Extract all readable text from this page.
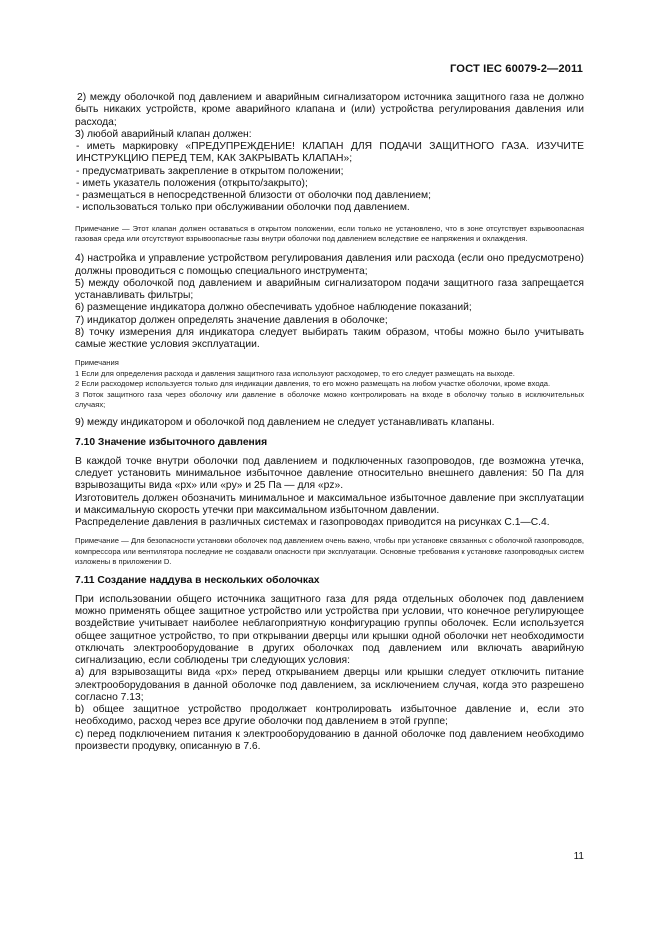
ГОСТ IEC 60079-2—2011

2) между оболочкой под давлением и аварийным сигнализатором источника защитного газа не должно быть никаких устройств, кроме аварийного клапана и (или) устройства регулирования давления или расхода;

3) любой аварийный клапан должен:

- иметь маркировку «ПРЕДУПРЕЖДЕНИЕ! КЛАПАН ДЛЯ ПОДАЧИ ЗАЩИТНОГО ГАЗА. ИЗУЧИТЕ ИНСТРУКЦИЮ ПЕРЕД ТЕМ, КАК ЗАКРЫВАТЬ КЛАПАН»;

- предусматривать закрепление в открытом положении;

- иметь указатель положения (открыто/закрыто);

- размещаться в непосредственной близости от оболочки под давлением;

- использоваться только при обслуживании оболочки под давлением.

Примечание — Этот клапан должен оставаться в открытом положении, если только не установлено, что в зоне отсутствует взрывоопасная газовая среда или отсутствуют взрывоопасные газы внутри оболочки под давлением вследствие ее напряжения и охлаждения.

4) настройка и управление устройством регулирования давления или расхода (если оно предусмотрено) должны проводиться с помощью специального инструмента;

5) между оболочкой под давлением и аварийным сигнализатором подачи защитного газа запрещается устанавливать фильтры;

6) размещение индикатора должно обеспечивать удобное наблюдение показаний;

7) индикатор должен определять значение давления в оболочке;

8) точку измерения для индикатора следует выбирать таким образом, чтобы можно было учитывать самые жесткие условия эксплуатации.

Примечания

1 Если для определения расхода и давления защитного газа используют расходомер, то его следует размещать на выходе.

2 Если расходомер используется только для индикации давления, то его можно размещать на любом участке оболочки, кроме входа.

3 Поток защитного газа через оболочку или давление в оболочке можно контролировать на входе в оболочку только в исключительных случаях;

9) между индикатором и оболочкой под давлением не следует устанавливать клапаны.

7.10 Значение избыточного давления

В каждой точке внутри оболочки под давлением и подключенных газопроводов, где возможна утечка, следует установить минимальное избыточное давление относительно внешнего давления: 50 Па для взрывозащиты вида «px» или «py» и 25 Па — для «pz».

Изготовитель должен обозначить минимальное и максимальное избыточное давление при эксплуатации и максимальную скорость утечки при максимальном избыточном давлении.

Распределение давления в различных системах и газопроводах приводится на рисунках C.1—C.4.

Примечание — Для безопасности установки оболочек под давлением очень важно, чтобы при установке связанных с оболочкой газопроводов, компрессора или вентилятора последние не создавали опасности при эксплуатации. Основные требования к установке газопроводных систем изложены в приложении D.

7.11 Создание наддува в нескольких оболочках

При использовании общего источника защитного газа для ряда отдельных оболочек под давлением можно применять общее защитное устройство или устройства при условии, что конечное регулирующее воздействие учитывает наиболее неблагоприятную конфигурацию группы оболочек. Если используется общее защитное устройство, то при открывании дверцы или крышки одной оболочки нет необходимости отключать электрооборудование в других оболочках под давлением или включать аварийную сигнализацию, если соблюдены три следующих условия:

a) для взрывозащиты вида «px» перед открыванием дверцы или крышки следует отключить питание электрооборудования в данной оболочке под давлением, за исключением случая, когда это разрешено согласно 7.13;

b) общее защитное устройство продолжает контролировать избыточное давление и, если это необходимо, расход через все другие оболочки под давлением в этой группе;

c) перед подключением питания к электрооборудованию в данной оболочке под давлением необходимо произвести продувку, описанную в 7.6.

11
